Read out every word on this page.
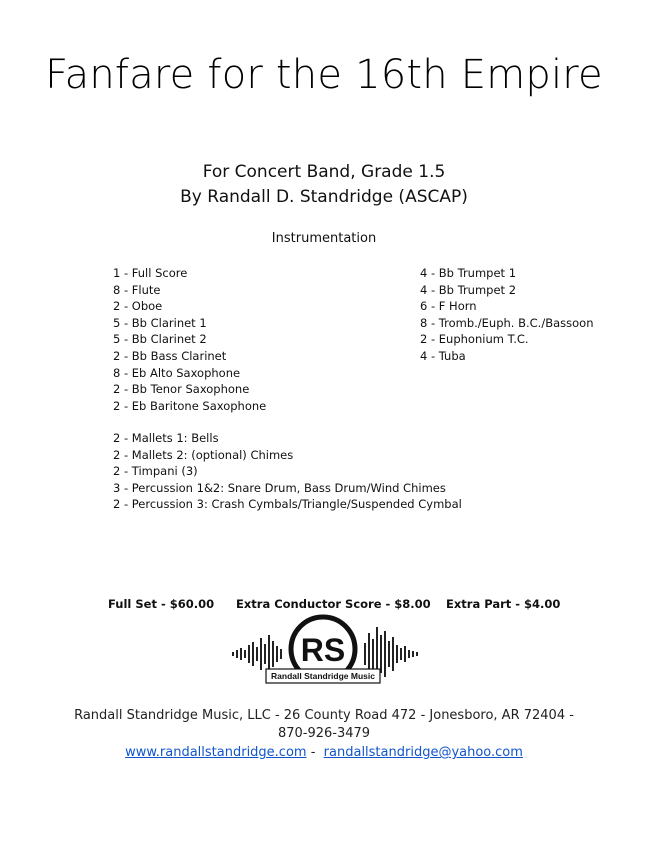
Fanfare for the 16th Empire
For Concert Band, Grade 1.5
By Randall D. Standridge (ASCAP)
Instrumentation
1 - Full Score
8 - Flute
2 - Oboe
5 - Bb Clarinet 1
5 - Bb Clarinet 2
2 - Bb Bass Clarinet
8 - Eb Alto Saxophone
2 - Bb Tenor Saxophone
2 - Eb Baritone Saxophone
4 - Bb Trumpet 1
4 - Bb Trumpet 2
6 - F Horn
8 - Tromb./Euph. B.C./Bassoon
2 - Euphonium T.C.
4 - Tuba
2 - Mallets 1: Bells
2 - Mallets 2: (optional) Chimes
2 - Timpani (3)
3 - Percussion 1&2: Snare Drum, Bass Drum/Wind Chimes
2 - Percussion 3: Crash Cymbals/Triangle/Suspended Cymbal
Full Set - $60.00 Extra Conductor Score - $8.00 Extra Part - $4.00
RS
Randall Standridge Music
Randall Standridge Music, LLC - 26 County Road 472 - Jonesboro, AR 72404 -
870-926-3479
www.randallstandridge.com -  randallstandridge@yahoo.com
